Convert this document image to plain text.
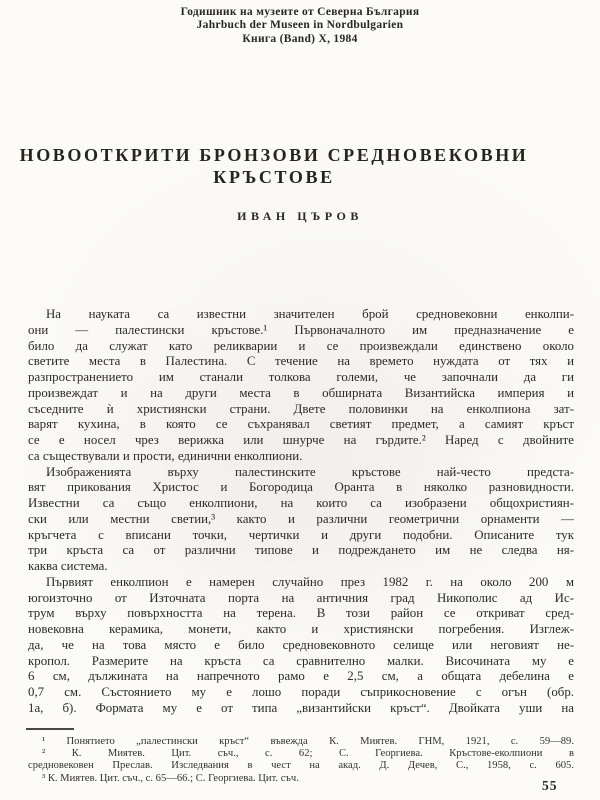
Годишник на музеите от Северна България
Jahrbuch der Museen in Nordbulgarien
Книга (Band) X, 1984
НОВООТКРИТИ БРОНЗОВИ СРЕДНОВЕКОВНИ
КРЪСТОВЕ
ИВАН ЦЪРОВ
На науката са известни значителен брой средновековни енколпи-
они — палестински кръстове.¹ Първоначалното им предназначение е
било да служат като реликварии и се произвеждали единствено около
светите места в Палестина. С течение на времето нуждата от тях и
разпространението им станали толкова големи, че започнали да ги
произвеждат и на други места в обширната Византийска империя и
съседните ѝ християнски страни. Двете половинки на енколпиона зат-
варят кухина, в която се съхранявал светият предмет, а самият кръст
се е носел чрез верижка или шнурче на гърдите.² Наред с двойните
са съществували и прости, единични енколпиони.
Изображенията върху палестинските кръстове най-често предста-
вят прикования Христос и Богородица Оранта в няколко разновидности.
Известни са също енколпиони, на които са изобразени общохристиян-
ски или местни светии,³ както и различни геометрични орнаменти —
кръгчета с вписани точки, чертички и други подобни. Описаните тук
три кръста са от различни типове и подреждането им не следва ня-
каква система.
Първият енколпион е намерен случайно през 1982 г. на около 200 м
югоизточно от Източната порта на античния град Никополис ад Ис-
трум върху повърхността на терена. В този район се откриват сред-
новековна керамика, монети, както и християнски погребения. Изглеж-
да, че на това място е било средновековното селище или неговият не-
кропол. Размерите на кръста са сравнително малки. Височината му е
6 см, дължината на напречното рамо е 2,5 см, а общата дебелина е
0,7 см. Състоянието му е лошо поради съприкосновение с огън (обр.
1а, б). Формата му е от типа „византийски кръст“. Двойката уши на
¹ Понятието „палестински кръст“ въвежда К. Миятев. ГНМ, 1921, с. 59—89.
² К. Миятев. Цит. съч., с. 62; С. Георгиева. Кръстове-еколпиони в
средновековен Преслав. Изследвания в чест на акад. Д. Дечев, С., 1958, с. 605.
³ К. Миятев. Цит. съч., с. 65—66.; С. Георгиева. Цит. съч.	55
